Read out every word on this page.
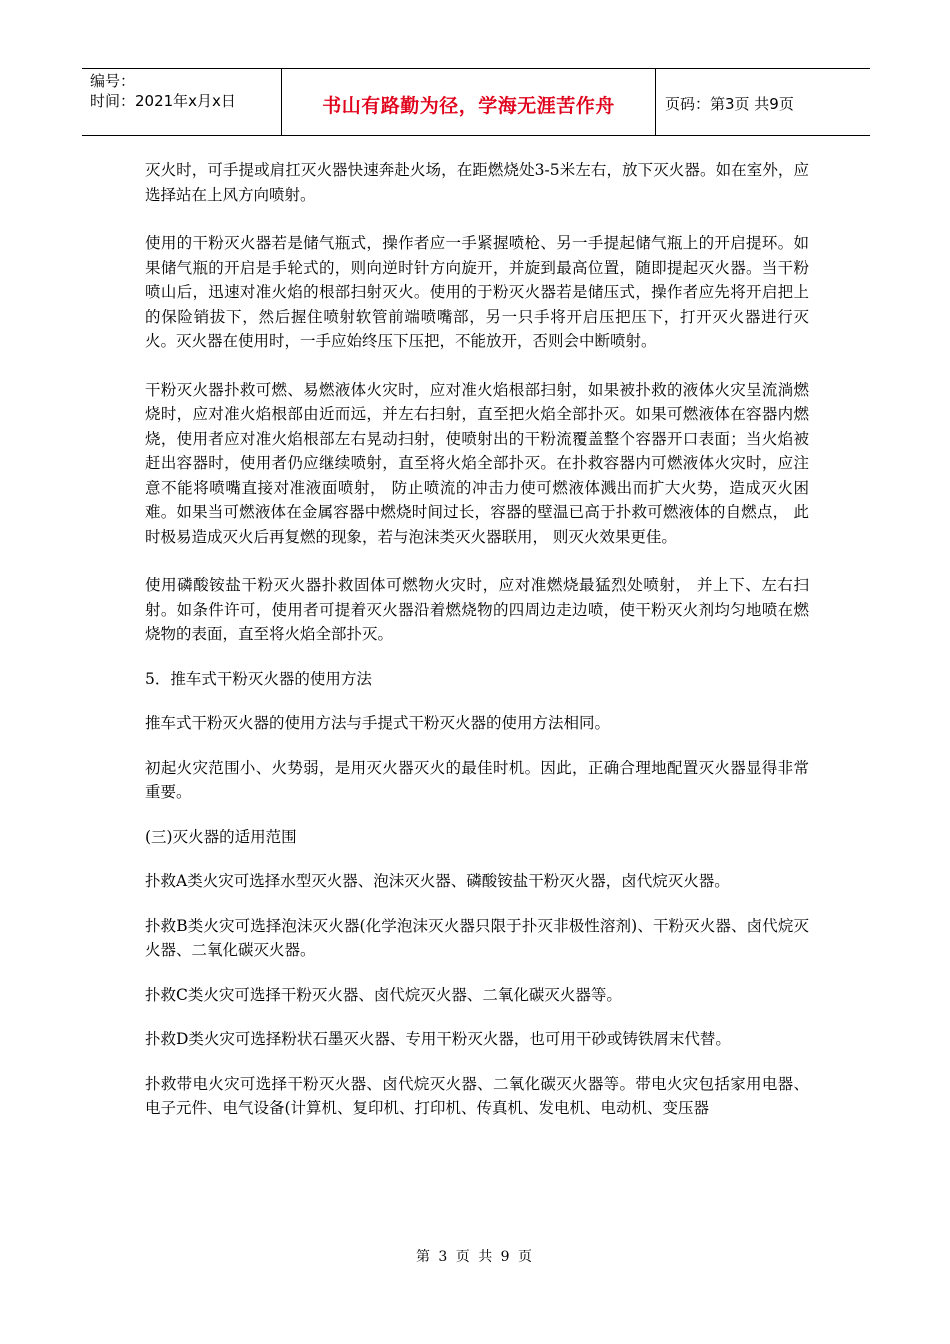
编号：
时间：2021年x月x日	书山有路勤为径，学海无涯苦作舟	页码：第3页 共9页

灭火时，可手提或肩扛灭火器快速奔赴火场，在距燃烧处3-5米左右，放下灭火器。如在室外，应选择站在上风方向喷射。

使用的干粉灭火器若是储气瓶式，操作者应一手紧握喷枪、另一手提起储气瓶上的开启提环。如果储气瓶的开启是手轮式的，则向逆时针方向旋开，并旋到最高位置，随即提起灭火器。当干粉喷山后，迅速对准火焰的根部扫射灭火。使用的于粉灭火器若是储压式，操作者应先将开启把上的保险销拔下，然后握住喷射软管前端喷嘴部，另一只手将开启压把压下，打开灭火器进行灭火。灭火器在使用时，一手应始终压下压把，不能放开，否则会中断喷射。

干粉灭火器扑救可燃、易燃液体火灾时，应对准火焰根部扫射，如果被扑救的液体火灾呈流淌燃烧时，应对准火焰根部由近而远，并左右扫射，直至把火焰全部扑灭。如果可燃液体在容器内燃烧，使用者应对准火焰根部左右晃动扫射，使喷射出的干粉流覆盖整个容器开口表面；当火焰被赶出容器时，使用者仍应继续喷射，直至将火焰全部扑灭。在扑救容器内可燃液体火灾时，应注意不能将喷嘴直接对准液面喷射， 防止喷流的冲击力使可燃液体溅出而扩大火势，造成灭火困难。如果当可燃液体在金属容器中燃烧时间过长，容器的壁温已高于扑救可燃液体的自燃点， 此时极易造成灭火后再复燃的现象，若与泡沫类灭火器联用， 则灭火效果更佳。

使用磷酸铵盐干粉灭火器扑救固体可燃物火灾时，应对准燃烧最猛烈处喷射， 并上下、左右扫射。如条件许可，使用者可提着灭火器沿着燃烧物的四周边走边喷，使干粉灭火剂均匀地喷在燃烧物的表面，直至将火焰全部扑灭。

5．推车式干粉灭火器的使用方法

推车式干粉灭火器的使用方法与手提式干粉灭火器的使用方法相同。

初起火灾范围小、火势弱，是用灭火器灭火的最佳时机。因此，正确合理地配置灭火器显得非常重要。

(三)灭火器的适用范围

扑救A类火灾可选择水型灭火器、泡沫灭火器、磷酸铵盐干粉灭火器，卤代烷灭火器。

扑救B类火灾可选择泡沫灭火器(化学泡沫灭火器只限于扑灭非极性溶剂)、干粉灭火器、卤代烷灭火器、二氧化碳灭火器。

扑救C类火灾可选择干粉灭火器、卤代烷灭火器、二氧化碳灭火器等。

扑救D类火灾可选择粉状石墨灭火器、专用干粉灭火器，也可用干砂或铸铁屑末代替。

扑救带电火灾可选择干粉灭火器、卤代烷灭火器、二氧化碳灭火器等。带电火灾包括家用电器、电子元件、电气设备(计算机、复印机、打印机、传真机、发电机、电动机、变压器

第 3 页 共 9 页
